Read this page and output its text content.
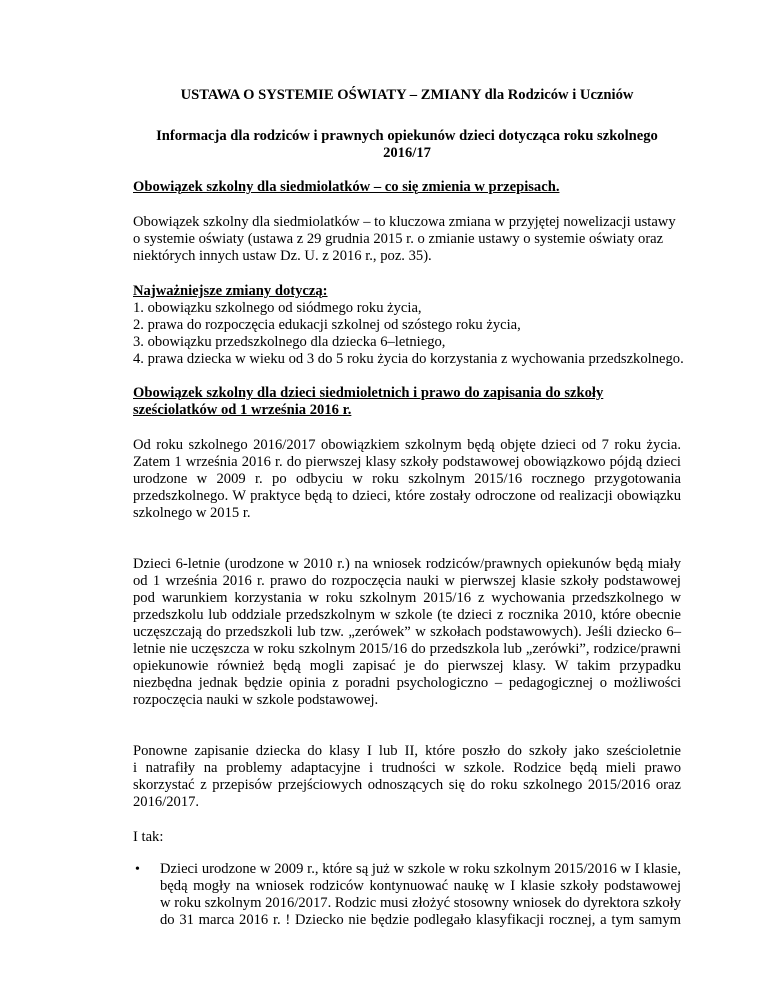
USTAWA O SYSTEMIE OŚWIATY – ZMIANY dla Rodziców i Uczniów
Informacja dla rodziców i prawnych opiekunów dzieci dotycząca roku szkolnego
2016/17
Obowiązek szkolny dla siedmiolatków – co się zmienia w przepisach.
Obowiązek szkolny dla siedmiolatków – to kluczowa zmiana w przyjętej nowelizacji ustawy
o systemie oświaty (ustawa z 29 grudnia 2015 r. o zmianie ustawy o systemie oświaty oraz
niektórych innych ustaw Dz. U. z 2016 r., poz. 35).
Najważniejsze zmiany dotyczą:
1. obowiązku szkolnego od siódmego roku życia,
2. prawa do rozpoczęcia edukacji szkolnej od szóstego roku życia,
3. obowiązku przedszkolnego dla dziecka 6–letniego,
4. prawa dziecka w wieku od 3 do 5 roku życia do korzystania z wychowania przedszkolnego.
Obowiązek szkolny dla dzieci siedmioletnich i prawo do zapisania do szkoły
sześciolatków od 1 września 2016 r.
Od roku szkolnego 2016/2017 obowiązkiem szkolnym będą objęte dzieci od 7 roku życia.
Zatem 1 września 2016 r. do pierwszej klasy szkoły podstawowej obowiązkowo pójdą dzieci
urodzone w 2009 r. po odbyciu w roku szkolnym 2015/16 rocznego przygotowania
przedszkolnego. W praktyce będą to dzieci, które zostały odroczone od realizacji obowiązku
szkolnego w 2015 r.
Dzieci 6-letnie (urodzone w 2010 r.) na wniosek rodziców/prawnych opiekunów będą miały
od 1 września 2016 r. prawo do rozpoczęcia nauki w pierwszej klasie szkoły podstawowej
pod warunkiem korzystania w roku szkolnym 2015/16 z wychowania przedszkolnego w
przedszkolu lub oddziale przedszkolnym w szkole (te dzieci z rocznika 2010, które obecnie
uczęszczają do przedszkoli lub tzw. „zerówek” w szkołach podstawowych). Jeśli dziecko 6–
letnie nie uczęszcza w roku szkolnym 2015/16 do przedszkola lub „zerówki”, rodzice/prawni
opiekunowie również będą mogli zapisać je do pierwszej klasy. W takim przypadku
niezbędna jednak będzie opinia z poradni psychologiczno – pedagogicznej o możliwości
rozpoczęcia nauki w szkole podstawowej.
Ponowne zapisanie dziecka do klasy I lub II, które poszło do szkoły jako sześcioletnie
i natrafiły na problemy adaptacyjne i trudności w szkole. Rodzice będą mieli prawo
skorzystać z przepisów przejściowych odnoszących się do roku szkolnego 2015/2016 oraz
2016/2017.
I tak:
• Dzieci urodzone w 2009 r., które są już w szkole w roku szkolnym 2015/2016 w I klasie,
będą mogły na wniosek rodziców kontynuować naukę w I klasie szkoły podstawowej
w roku szkolnym 2016/2017. Rodzic musi złożyć stosowny wniosek do dyrektora szkoły
do 31 marca 2016 r. ! Dziecko nie będzie podlegało klasyfikacji rocznej, a tym samym
